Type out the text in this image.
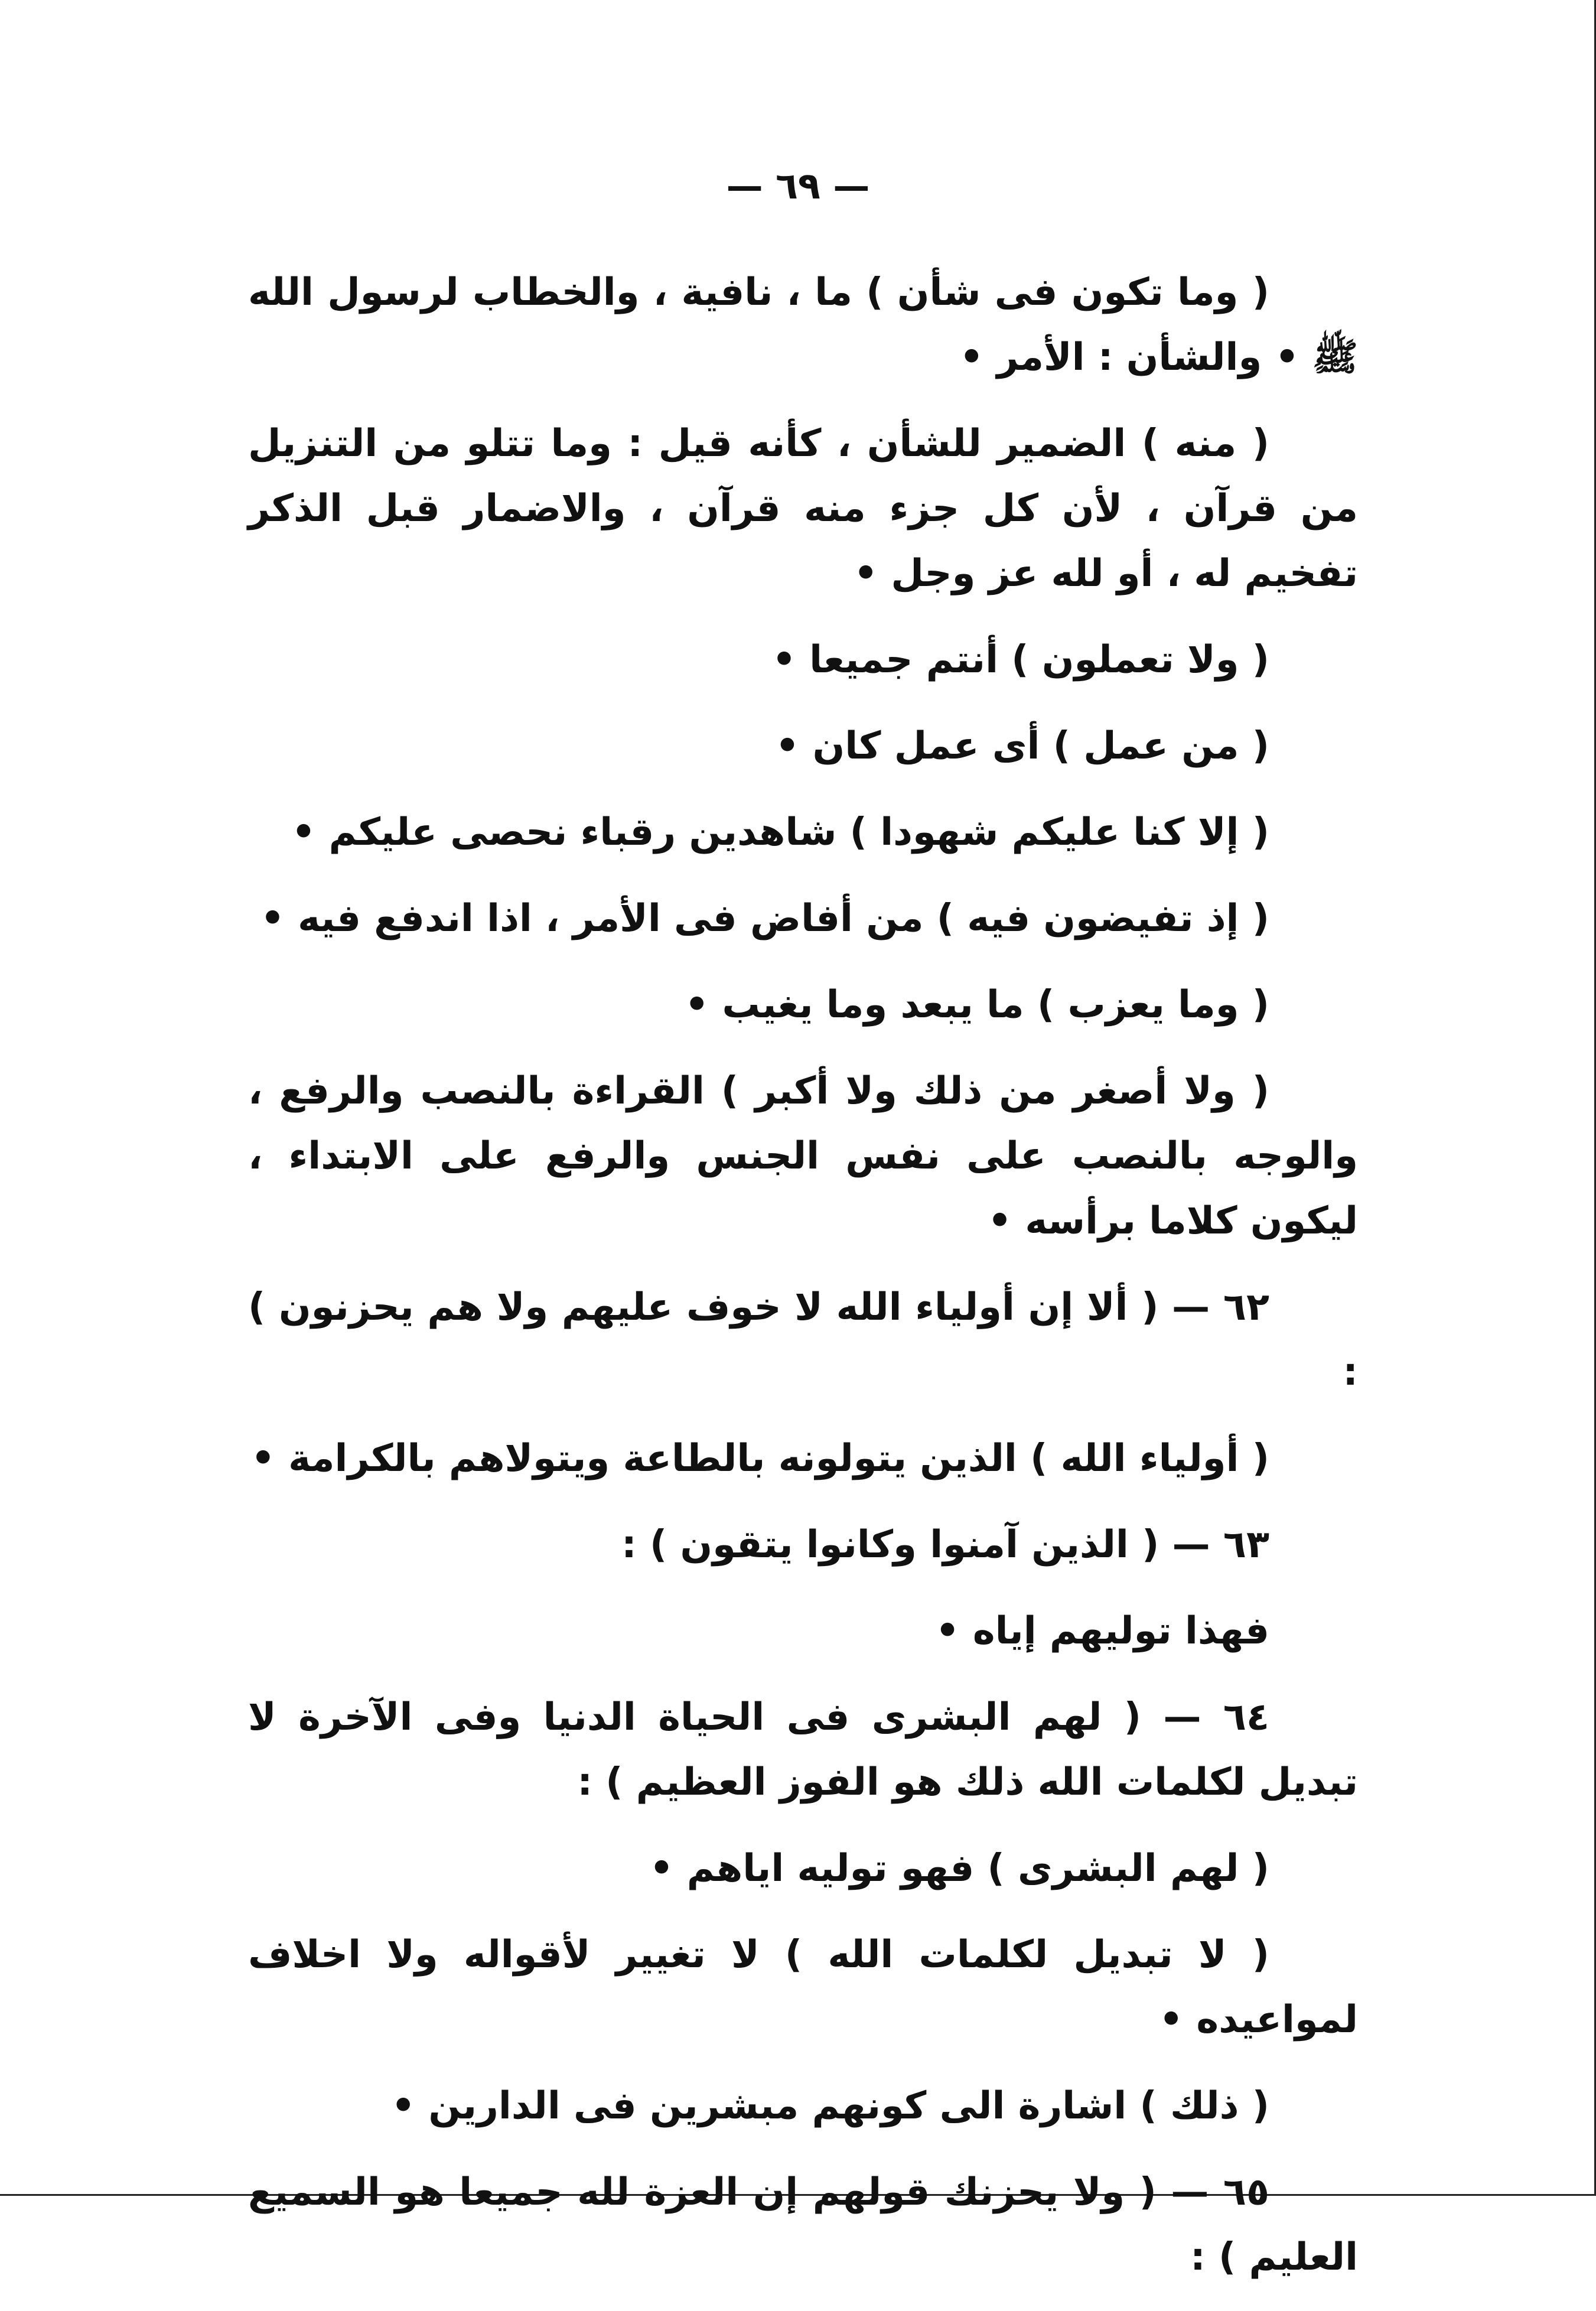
— ٦٩ —

( وما تكون فى شأن ) ما ، نافية ، والخطاب لرسول الله ﷺ • والشأن : الأمر •

( منه ) الضمير للشأن ، كأنه قيل : وما تتلو من التنزيل من قرآن ، لأن كل جزء منه قرآن ، والاضمار قبل الذكر تفخيم له ، أو لله عز وجل •

( ولا تعملون ) أنتم جميعا •

( من عمل ) أى عمل كان •

( إلا كنا عليكم شهودا ) شاهدين رقباء نحصى عليكم •

( إذ تفيضون فيه ) من أفاض فى الأمر ، اذا اندفع فيه •

( وما يعزب ) ما يبعد وما يغيب •

( ولا أصغر من ذلك ولا أكبر ) القراءة بالنصب والرفع ، والوجه بالنصب على نفس الجنس والرفع على الابتداء ، ليكون كلاما برأسه •

٦٢ — ( ألا إن أولياء الله لا خوف عليهم ولا هم يحزنون ) :

( أولياء الله ) الذين يتولونه بالطاعة ويتولاهم بالكرامة •

٦٣ — ( الذين آمنوا وكانوا يتقون ) :

فهذا توليهم إياه •

٦٤ — ( لهم البشرى فى الحياة الدنيا وفى الآخرة لا تبديل لكلمات الله ذلك هو الفوز العظيم ) :

( لهم البشرى ) فهو توليه اياهم •

( لا تبديل لكلمات الله ) لا تغيير لأقواله ولا اخلاف لمواعيده •

( ذلك ) اشارة الى كونهم مبشرين فى الدارين •

٦٥ — ( ولا يحزنك قولهم إن العزة لله جميعا هو السميع العليم ) :
